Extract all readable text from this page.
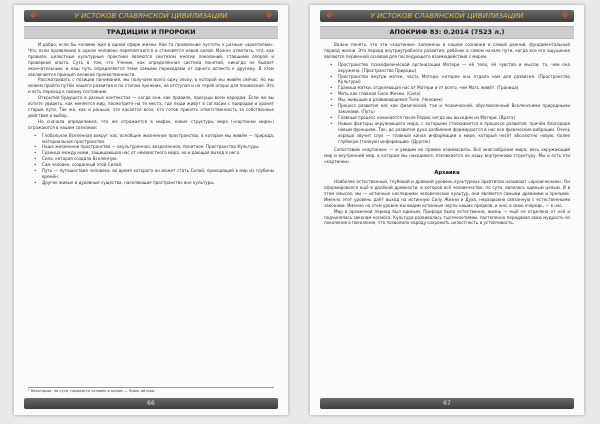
✥	У ИСТОКОВ СЛАВЯНСКОЙ ЦИВИЛИЗАЦИИ	✥
ТРАДИЦИИ И ПРОРОКИ

И добро, если бы человек жил в одной сфере жизни. Как то проявление пустоты к разным «архетипам». Что, если проявления в одном человеке переплетаются и становятся новой силой. Можно отметить, что, как правило, целостные культурные практики являются синтезом многих поколений, ставшими опорой и проверкой опыта. Суть в том, что Учение, как определённая система понятий, никогда не бывает окончательным, и наш путь определяется теми самыми переходами от одного аспекта к другому. В этом заключается принцип великой преемственности.

Рассматривать с позиции понимания, мы получаем всего одну эпоху, в которой мы живём сейчас. Но мы можем пройти путём нашего развития и по стопам прежних, не отступая и не теряя опоры для понимания. Это и есть переход к новому состоянию.

Открытия будущего в разных контекстах — когда они, как правило, присущи всем народам. Если же вы хотите увидеть, как меняется мир, посмотрите на те места, где люди живут в согласии с природой и хранят старые пути. Так же, как и раньше, это касается всех, кто готов принять ответственность за собственные действия и выбор.

Но сначала определимся, что же отражается в мифах, какие структуры мира («картинки мира») отражаются в нашем сознании:

• Глобальная Вселенная вокруг нас, всеобщее жизненное пространство, в котором мы живём — природа, материальное пространство.
• Наше жизненное пространство — окультуренное, возделанное, понятное. Пространство Культуры.
• Граница между ними, защищающая нас от неизвестного мира, но и дающая выход в него.
• Сила, которая создала Вселенную.
• Сам человек, созданный этой Силой.
• Путь — путешествие человека, во время которого он может стать Силой, приходящей в мир из глубины времён.
• Другие живые и духовные существа, населяющие пространство вне культуры.
¹ Некоторые, по сути, находятся человек в целом — Прим. автора.
66
✥	У ИСТОКОВ СЛАВЯНСКОЙ ЦИВИЛИЗАЦИИ	✥
АПОКРИФ 83: 0.2014 (7523 л.)

Важно понять, что эти «картинки» заложены в нашем сознании в самый ранний, фундаментальный период жизни. Это период внутриутробного развития, ребёнок в самом начале пути, когда все его ощущения являются первичной основой для последующего взаимодействия с миром.

• Пространство психофизической организации Матери — её тело, её чувства и мысли, то, чем она окружена. (Пространство Природы)
• Пространство внутри матки, часть Матери, которое она отдала нам для развития. (Пространство Культуры)
• Граница матки, отделяющая нас от Матери и от всего, чем Мать живёт. (Граница)
• Мать как главная Сила Жизни. (Сила)
• Мы, живущие в развивающемся Теле. (Человек)
• Процесс развития нас как физической, так и психической, обусловленный Вселенскими природными законами. (Путь)
• Главный процесс начинается после Родов, когда мы выходим из Матери. (Врата)
• Новые факторы окружающего мира, с которыми сталкивается в процессе развития, причём благодаря новым функциям. Так, до развития духа разбиения формируются в нас все физические вибрации. Очень хорошо звучит слух — главный канал информации о мире, который несёт абсолютно новую, более глубокую (тонкую) информацию. (Другие)

Сопоставим «картинки» — и увидим их прямое взаимосвязь. Всё многообразие мира, весь окружающий мир и внутренний мир, в котором мы находимся, откликается на нашу внутреннюю структуру. Мы и есть эти «картинки».

Архаика

Наиболее естественный, глубокий и древний уровень культурных архетипов называют «архаическим». Он сформировался ещё в далёкой древности, в которой всё человечество, по сути, являлось единым целым. И в этом смысле, мы — истинные наследники человеческих культур, они являются самыми древними и зрелыми. Именно этот уровень даёт выход на истинную Силу Жизни и Духа, неразрывно связанную с естественными законами. Именно на этом уровне мы видим истинные черты наших предков, и они, в свою очередь, — в нас.

Мир в архаичной период был единым. Природа была естественна, жизнь — ещё не отделена от неё и подчинялась законам космоса. Культура развивалась тысячелетиями, постепенно передавая свою мудрость из поколения в поколение, что позволило народу сохранить целостность и устойчивость.

67
